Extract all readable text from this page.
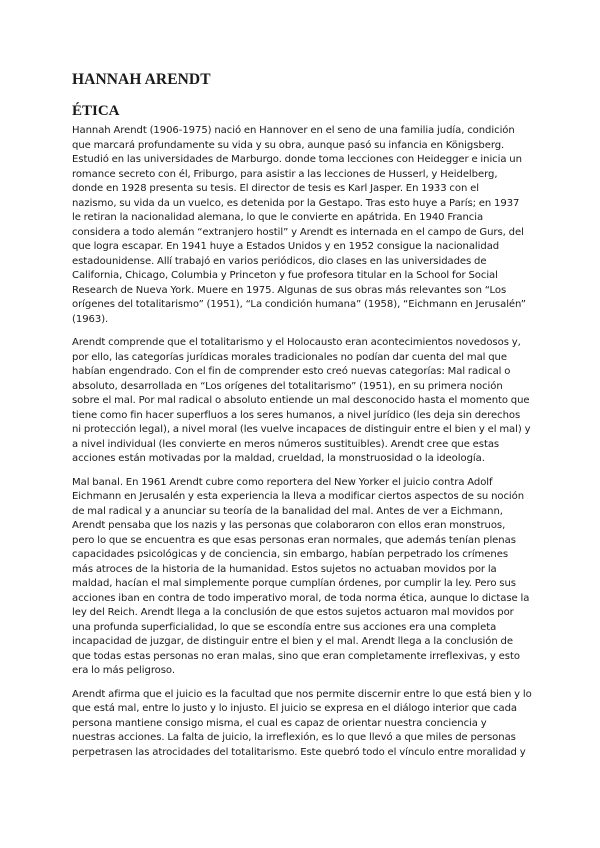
HANNAH ARENDT
ÉTICA

Hannah Arendt (1906-1975) nació en Hannover en el seno de una familia judía, condición
que marcará profundamente su vida y su obra, aunque pasó su infancia en Königsberg.
Estudió en las universidades de Marburgo. donde toma lecciones con Heidegger e inicia un
romance secreto con él, Friburgo, para asistir a las lecciones de Husserl, y Heidelberg,
donde en 1928 presenta su tesis. El director de tesis es Karl Jasper. En 1933 con el
nazismo, su vida da un vuelco, es detenida por la Gestapo. Tras esto huye a París; en 1937
le retiran la nacionalidad alemana, lo que le convierte en apátrida. En 1940 Francia
considera a todo alemán “extranjero hostil” y Arendt es internada en el campo de Gurs, del
que logra escapar. En 1941 huye a Estados Unidos y en 1952 consigue la nacionalidad
estadounidense. Allí trabajó en varios periódicos, dio clases en las universidades de
California, Chicago, Columbia y Princeton y fue profesora titular en la School for Social
Research de Nueva York. Muere en 1975. Algunas de sus obras más relevantes son “Los
orígenes del totalitarismo” (1951), “La condición humana” (1958), “Eichmann en Jerusalén”
(1963).

Arendt comprende que el totalitarismo y el Holocausto eran acontecimientos novedosos y,
por ello, las categorías jurídicas morales tradicionales no podían dar cuenta del mal que
habían engendrado. Con el fin de comprender esto creó nuevas categorías: Mal radical o
absoluto, desarrollada en “Los orígenes del totalitarismo” (1951), en su primera noción
sobre el mal. Por mal radical o absoluto entiende un mal desconocido hasta el momento que
tiene como fin hacer superfluos a los seres humanos, a nivel jurídico (les deja sin derechos
ni protección legal), a nivel moral (les vuelve incapaces de distinguir entre el bien y el mal) y
a nivel individual (les convierte en meros números sustituibles). Arendt cree que estas
acciones están motivadas por la maldad, crueldad, la monstruosidad o la ideología.

Mal banal. En 1961 Arendt cubre como reportera del New Yorker el juicio contra Adolf
Eichmann en Jerusalén y esta experiencia la lleva a modificar ciertos aspectos de su noción
de mal radical y a anunciar su teoría de la banalidad del mal. Antes de ver a Eichmann,
Arendt pensaba que los nazis y las personas que colaboraron con ellos eran monstruos,
pero lo que se encuentra es que esas personas eran normales, que además tenían plenas
capacidades psicológicas y de conciencia, sin embargo, habían perpetrado los crímenes
más atroces de la historia de la humanidad. Estos sujetos no actuaban movidos por la
maldad, hacían el mal simplemente porque cumplían órdenes, por cumplir la ley. Pero sus
acciones iban en contra de todo imperativo moral, de toda norma ética, aunque lo dictase la
ley del Reich. Arendt llega a la conclusión de que estos sujetos actuaron mal movidos por
una profunda superficialidad, lo que se escondía entre sus acciones era una completa
incapacidad de juzgar, de distinguir entre el bien y el mal. Arendt llega a la conclusión de
que todas estas personas no eran malas, sino que eran completamente irreflexivas, y esto
era lo más peligroso.

Arendt afirma que el juicio es la facultad que nos permite discernir entre lo que está bien y lo
que está mal, entre lo justo y lo injusto. El juicio se expresa en el diálogo interior que cada
persona mantiene consigo misma, el cual es capaz de orientar nuestra conciencia y
nuestras acciones. La falta de juicio, la irreflexión, es lo que llevó a que miles de personas
perpetrasen las atrocidades del totalitarismo. Este quebró todo el vínculo entre moralidad y
